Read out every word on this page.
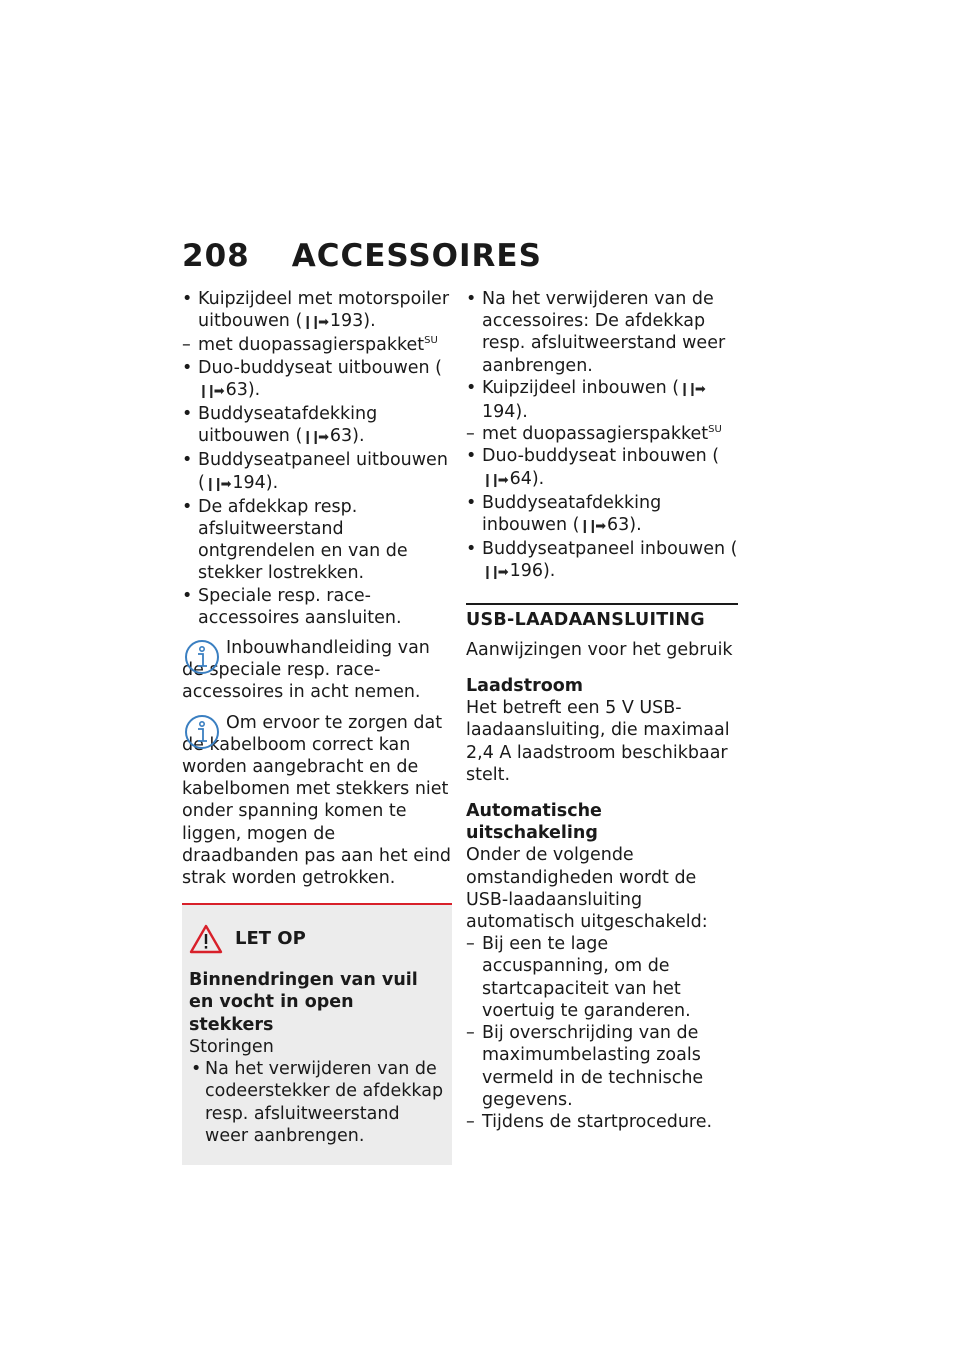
208 ACCESSOIRES
• Kuipzijdeel met motorspoiler uitbouwen (❙❙➡ 193).
– met duopassagierspakket$^{SU}$
• Duo-buddyseat uitbouwen (❙❙➡ 63).
• Buddyseatafdekking uitbouwen (❙❙➡ 63).
• Buddyseatpaneel uitbouwen (❙❙➡ 194).
• De afdekkap resp. afsluitweerstand ontgrendelen en van de stekker lostrekken.
• Speciale resp. race-accessoires aansluiten.
Inbouwhandleiding van de speciale resp. race-accessoires in acht nemen.
Om ervoor te zorgen dat de kabelboom correct kan worden aangebracht en de kabelbomen met stekkers niet onder spanning komen te liggen, mogen de draadbanden pas aan het eind strak worden getrokken.
LET OP
Binnendringen van vuil en vocht in open stekkers
Storingen
• Na het verwijderen van de codeerstekker de afdekkap resp. afsluitweerstand weer aanbrengen.
• Na het verwijderen van de accessoires: De afdekkap resp. afsluitweerstand weer aanbrengen.
• Kuipzijdeel inbouwen (❙❙➡ 194).
– met duopassagierspakket$^{SU}$
• Duo-buddyseat inbouwen (❙❙➡ 64).
• Buddyseatafdekking inbouwen (❙❙➡ 63).
• Buddyseatpaneel inbouwen (❙❙➡ 196).
USB-LAADAANSLUITING
Aanwijzingen voor het gebruik
Laadstroom
Het betreft een 5 V USB-laadaansluiting, die maximaal 2,4 A laadstroom beschikbaar stelt.
Automatische uitschakeling
Onder de volgende omstandigheden wordt de USB-laadaansluiting automatisch uitgeschakeld:
– Bij een te lage accuspanning, om de startcapaciteit van het voertuig te garanderen.
– Bij overschrijding van de maximumbelasting zoals vermeld in de technische gegevens.
– Tijdens de startprocedure.
